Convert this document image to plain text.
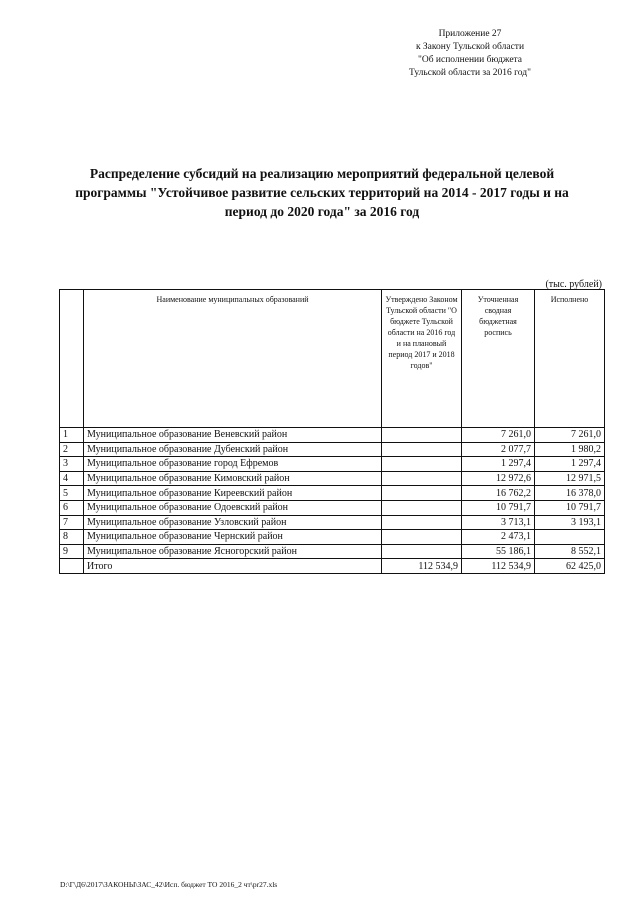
Приложение 27
к Закону Тульской области
"Об исполнении бюджета
Тульской области за 2016 год"
Распределение субсидий на реализацию мероприятий федеральной целевой
программы "Устойчивое развитие сельских территорий на 2014 - 2017 годы и на
период до 2020 года" за 2016 год
(тыс. рублей)
	Наименование муниципальных образований	Утверждено Законом Тульской области "О бюджете Тульской области на 2016 год и на плановый период 2017 и 2018 годов"	Уточненная сводная бюджетная роспись	Исполнено
1	Муниципальное образование Веневский район		7 261,0	7 261,0
2	Муниципальное образование Дубенский район		2 077,7	1 980,2
3	Муниципальное образование город Ефремов		1 297,4	1 297,4
4	Муниципальное образование Кимовский район		12 972,6	12 971,5
5	Муниципальное образование Киреевский район		16 762,2	16 378,0
6	Муниципальное образование Одоевский район		10 791,7	10 791,7
7	Муниципальное образование Узловский район		3 713,1	3 193,1
8	Муниципальное образование Чернский район		2 473,1	
9	Муниципальное образование Ясногорский район		55 186,1	8 552,1
	Итого	112 534,9	112 534,9	62 425,0
D:\Г\Д6\2017\ЗАКОНЫ\ЗАС_42\Исп. бюджет ТО 2016_2 чт\pr27.xls
